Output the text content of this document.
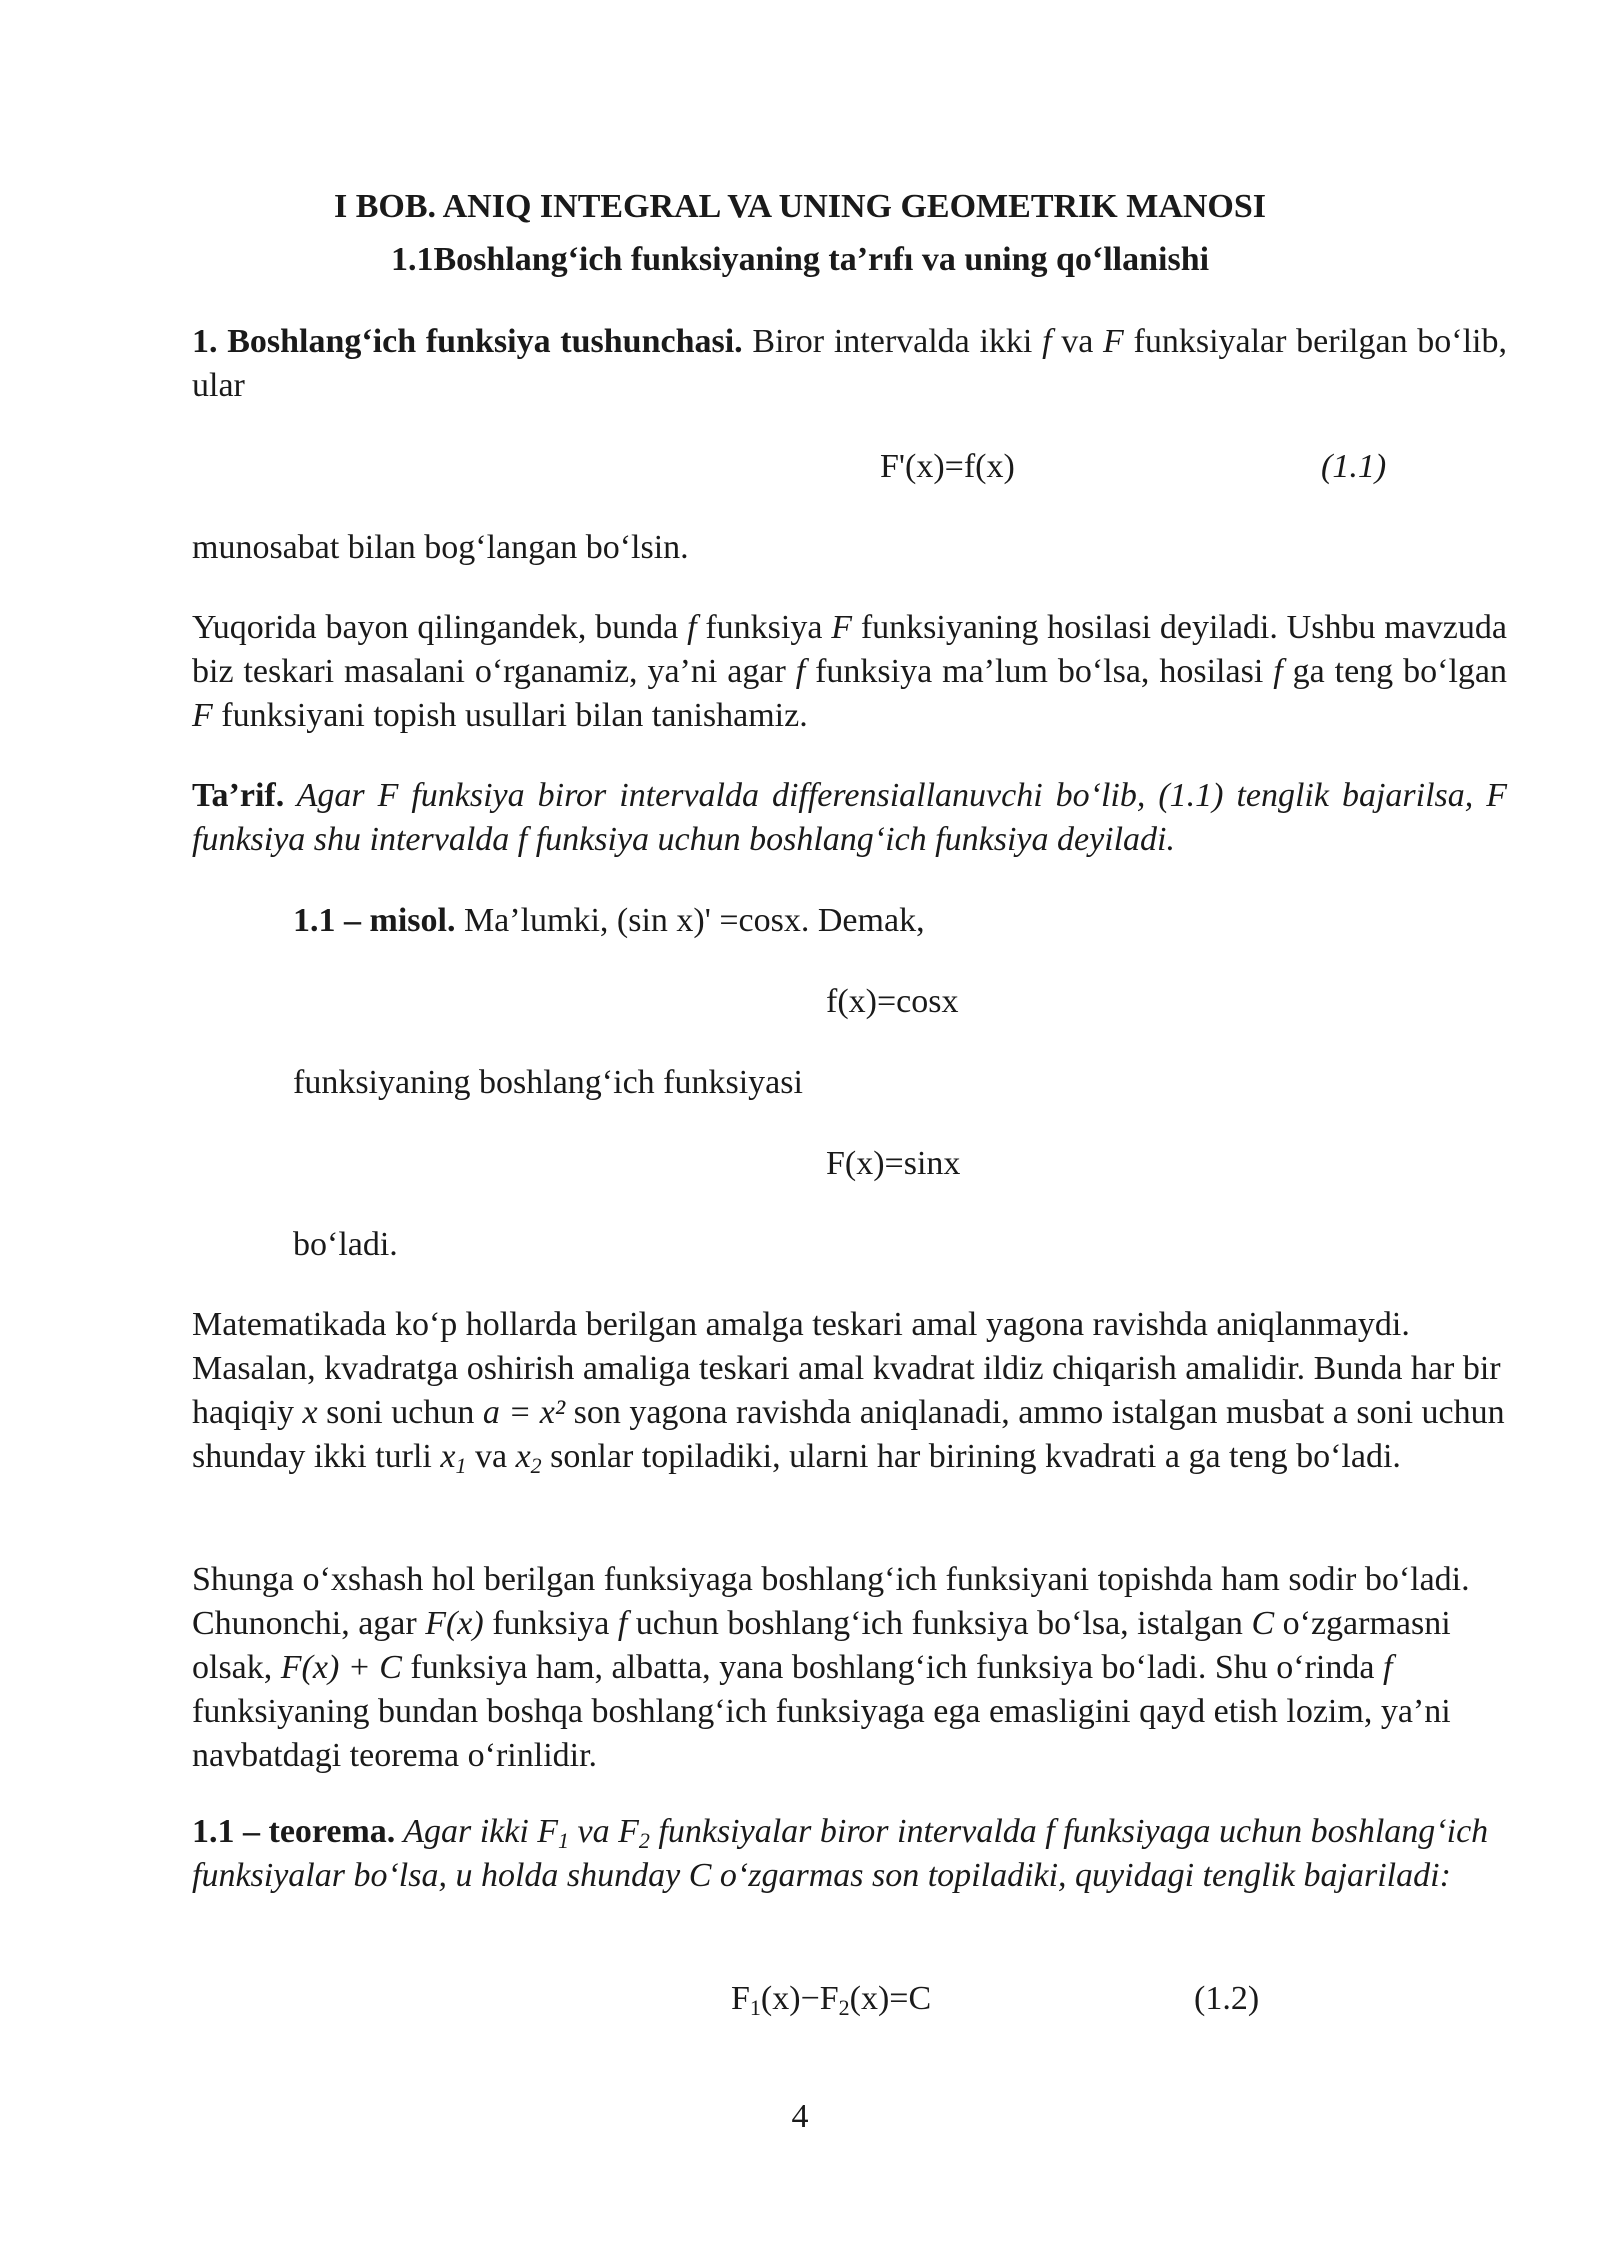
I BOB. ANIQ INTEGRAL VA UNING GEOMETRIK MANOSI
1.1Boshlang‘ich funksiyaning ta’rıfı va uning qo‘llanishi
1. Boshlang‘ich funksiya tushunchasi. Biror intervalda ikki f va F funksiyalar berilgan bo‘lib, ular
F'(x)=f(x)	(1.1)
munosabat bilan bog‘langan bo‘lsin.
Yuqorida bayon qilingandek, bunda f funksiya F funksiyaning hosilasi deyiladi. Ushbu mavzuda biz teskari masalani o‘rganamiz, ya’ni agar f funksiya ma’lum bo‘lsa, hosilasi f ga teng bo‘lgan F funksiyani topish usullari bilan tanishamiz.
Ta’rif. Agar F funksiya biror intervalda differensiallanuvchi bo‘lib, (1.1) tenglik bajarilsa, F funksiya shu intervalda f funksiya uchun boshlang‘ich funksiya deyiladi.
1.1 – misol. Ma’lumki, (sin x)' =cosx. Demak,
f(x)=cosx
funksiyaning boshlang‘ich funksiyasi
F(x)=sinx
bo‘ladi.
Matematikada ko‘p hollarda berilgan amalga teskari amal yagona ravishda aniqlanmaydi. Masalan, kvadratga oshirish amaliga teskari amal kvadrat ildiz chiqarish amalidir. Bunda har bir haqiqiy x soni uchun a = x² son yagona ravishda aniqlanadi, ammo istalgan musbat a soni uchun shunday ikki turli $x_1$ va $x_2$ sonlar topiladiki, ularni har birining kvadrati a ga teng bo‘ladi.
Shunga o‘xshash hol berilgan funksiyaga boshlang‘ich funksiyani topishda ham sodir bo‘ladi. Chunonchi, agar F(x) funksiya f uchun boshlang‘ich funksiya bo‘lsa, istalgan C o‘zgarmasni olsak, F(x) + C funksiya ham, albatta, yana boshlang‘ich funksiya bo‘ladi. Shu o‘rinda f funksiyaning bundan boshqa boshlang‘ich funksiyaga ega emasligini qayd etish lozim, ya’ni navbatdagi teorema o‘rinlidir.
1.1 – teorema. Agar ikki $F_1$ va $F_2$ funksiyalar biror intervalda f funksiyaga uchun boshlang‘ich funksiyalar bo‘lsa, u holda shunday C o‘zgarmas son topiladiki, quyidagi tenglik bajariladi:
$F_1(x)-F_2(x)=C$	(1.2)
4
